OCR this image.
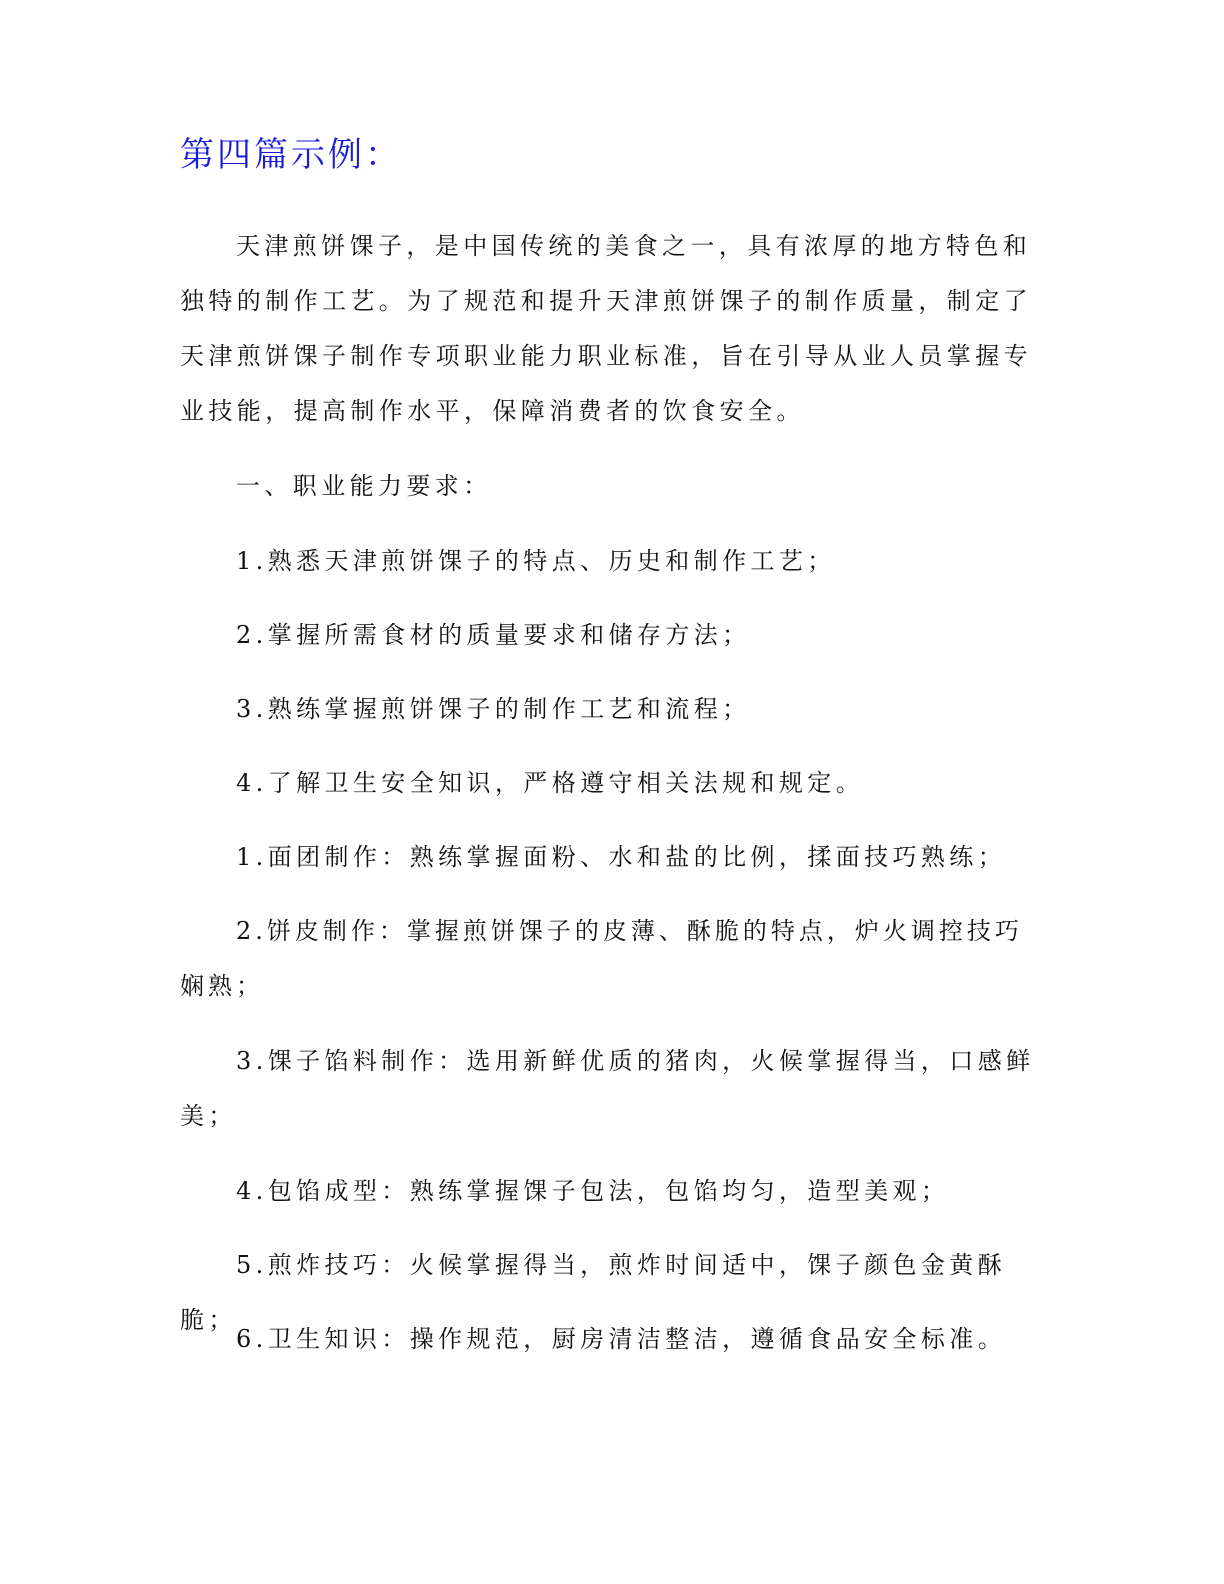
第四篇示例：

天津煎饼馃子，是中国传统的美食之一，具有浓厚的地方特色和独特的制作工艺。为了规范和提升天津煎饼馃子的制作质量，制定了天津煎饼馃子制作专项职业能力职业标准，旨在引导从业人员掌握专业技能，提高制作水平，保障消费者的饮食安全。

一、职业能力要求：

1.熟悉天津煎饼馃子的特点、历史和制作工艺；

2.掌握所需食材的质量要求和储存方法；

3.熟练掌握煎饼馃子的制作工艺和流程；

4.了解卫生安全知识，严格遵守相关法规和规定。

1.面团制作：熟练掌握面粉、水和盐的比例，揉面技巧熟练；

2.饼皮制作：掌握煎饼馃子的皮薄、酥脆的特点，炉火调控技巧娴熟；

3.馃子馅料制作：选用新鲜优质的猪肉，火候掌握得当，口感鲜美；

4.包馅成型：熟练掌握馃子包法，包馅均匀，造型美观；

5.煎炸技巧：火候掌握得当，煎炸时间适中，馃子颜色金黄酥脆；

6.卫生知识：操作规范，厨房清洁整洁，遵循食品安全标准。
